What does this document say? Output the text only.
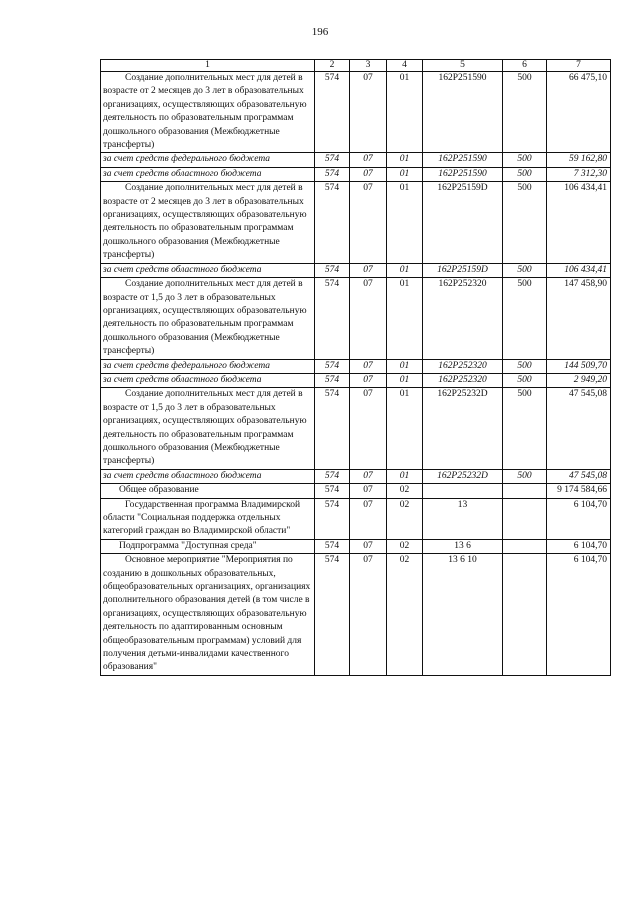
196
1	2	3	4	5	6	7

Создание дополнительных мест для детей в возрасте от 2 месяцев до 3 лет в образовательных организациях, осуществляющих образовательную деятельность по образовательным программам дошкольного образования (Межбюджетные трансферты)	574	07	01	162P251590	500	66 475,10
за счет средств федерального бюджета	574	07	01	162P251590	500	59 162,80
за счет средств областного бюджета	574	07	01	162P251590	500	7 312,30

Создание дополнительных мест для детей в возрасте от 2 месяцев до 3 лет в образовательных организациях, осуществляющих образовательную деятельность по образовательным программам дошкольного образования (Межбюджетные трансферты)	574	07	01	162P25159D	500	106 434,41
за счет средств областного бюджета	574	07	01	162P25159D	500	106 434,41

Создание дополнительных мест для детей в возрасте от 1,5 до 3 лет в образовательных организациях, осуществляющих образовательную деятельность по образовательным программам дошкольного образования (Межбюджетные трансферты)	574	07	01	162P252320	500	147 458,90
за счет средств федерального бюджета	574	07	01	162P252320	500	144 509,70
за счет средств областного бюджета	574	07	01	162P252320	500	2 949,20

Создание дополнительных мест для детей в возрасте от 1,5 до 3 лет в образовательных организациях, осуществляющих образовательную деятельность по образовательным программам дошкольного образования (Межбюджетные трансферты)	574	07	01	162P25232D	500	47 545,08
за счет средств областного бюджета	574	07	01	162P25232D	500	47 545,08
Общее образование	574	07	02			9 174 584,66

Государственная программа Владимирской области "Социальная поддержка отдельных категорий граждан во Владимирской области"	574	07	02	13		6 104,70
Подпрограмма "Доступная среда"	574	07	02	13 6		6 104,70

Основное мероприятие "Мероприятия по созданию в дошкольных образовательных, общеобразовательных организациях, организациях дополнительного образования детей (в том числе в организациях, осуществляющих образовательную деятельность по адаптированным основным общеобразовательным программам) условий для получения детьми-инвалидами качественного образования"	574	07	02	13 6 10		6 104,70
